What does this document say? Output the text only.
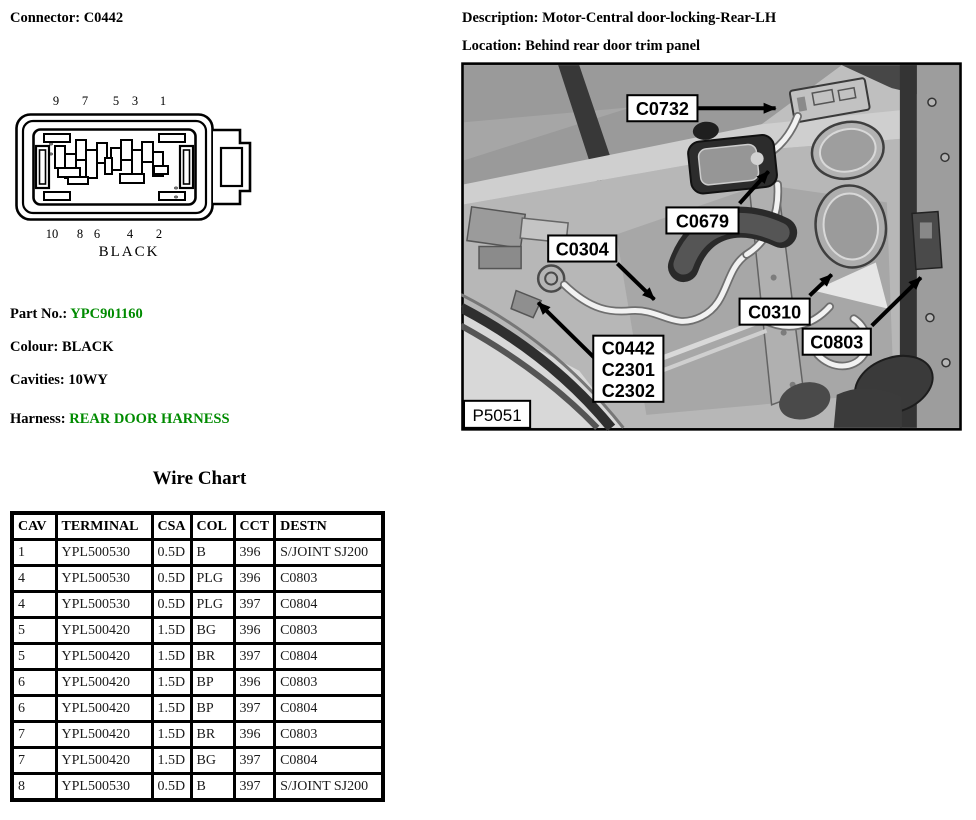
Connector: C0442	Description: Motor-Central door-locking-Rear-LH
Location: Behind rear door trim panel
9 7 5 3 1
*
*
*
*
10 8 6 4 2
BLACK
Part No.: YPC901160
Colour: BLACK
Cavities: 10WY
Harness: REAR DOOR HARNESS
C0732
C0679
C0304
C0310
C0442
C2301
C2302
C0803
P5051
Wire Chart
CAV	TERMINAL	CSA	COL	CCT	DESTN
1	YPL500530	0.5D	B	396	S/JOINT SJ200
4	YPL500530	0.5D	PLG	396	C0803
4	YPL500530	0.5D	PLG	397	C0804
5	YPL500420	1.5D	BG	396	C0803
5	YPL500420	1.5D	BR	397	C0804
6	YPL500420	1.5D	BP	396	C0803
6	YPL500420	1.5D	BP	397	C0804
7	YPL500420	1.5D	BR	396	C0803
7	YPL500420	1.5D	BG	397	C0804
8	YPL500530	0.5D	B	397	S/JOINT SJ200
